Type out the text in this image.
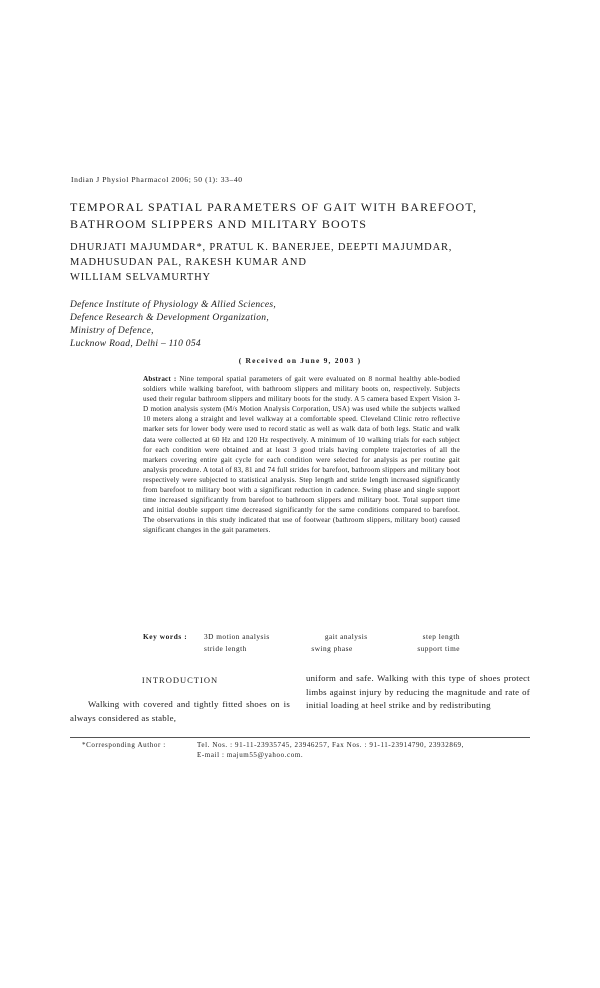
Indian J Physiol Pharmacol 2006; 50 (1): 33–40
TEMPORAL SPATIAL PARAMETERS OF GAIT WITH BAREFOOT,
BATHROOM SLIPPERS AND MILITARY BOOTS
DHURJATI MAJUMDAR*, PRATUL K. BANERJEE, DEEPTI MAJUMDAR,
MADHUSUDAN PAL, RAKESH KUMAR AND
WILLIAM SELVAMURTHY
Defence Institute of Physiology & Allied Sciences,
Defence Research & Development Organization,
Ministry of Defence,
Lucknow Road, Delhi – 110 054
( Received on June 9, 2003 )
Abstract : Nine temporal spatial parameters of gait were evaluated on 8 normal healthy able-bodied soldiers while walking barefoot, with bathroom slippers and military boots on, respectively. Subjects used their regular bathroom slippers and military boots for the study. A 5 camera based Expert Vision 3-D motion analysis system (M/s Motion Analysis Corporation, USA) was used while the subjects walked 10 meters along a straight and level walkway at a comfortable speed. Cleveland Clinic retro reflective marker sets for lower body were used to record static as well as walk data of both legs. Static and walk data were collected at 60 Hz and 120 Hz respectively. A minimum of 10 walking trials for each subject for each condition were obtained and at least 3 good trials having complete trajectories of all the markers covering entire gait cycle for each condition were selected for analysis as per routine gait analysis procedure. A total of 83, 81 and 74 full strides for barefoot, bathroom slippers and military boot respectively were subjected to statistical analysis. Step length and stride length increased significantly from barefoot to military boot with a significant reduction in cadence. Swing phase and single support time increased significantly from barefoot to bathroom slippers and military boot. Total support time and initial double support time decreased significantly for the same conditions compared to barefoot. The observations in this study indicated that use of footwear (bathroom slippers, military boot) caused significant changes in the gait parameters.
Key words : 3D motion analysis	gait analysis	step length
stride length	swing phase	support time
INTRODUCTION
Walking with covered and tightly fitted shoes on is always considered as stable,
uniform and safe. Walking with this type of shoes protect limbs against injury by reducing the magnitude and rate of initial loading at heel strike and by redistributing
*Corresponding Author :	Tel. Nos. : 91-11-23935745, 23946257, Fax Nos. : 91-11-23914790, 23932869,
E-mail : majum55@yahoo.com.
